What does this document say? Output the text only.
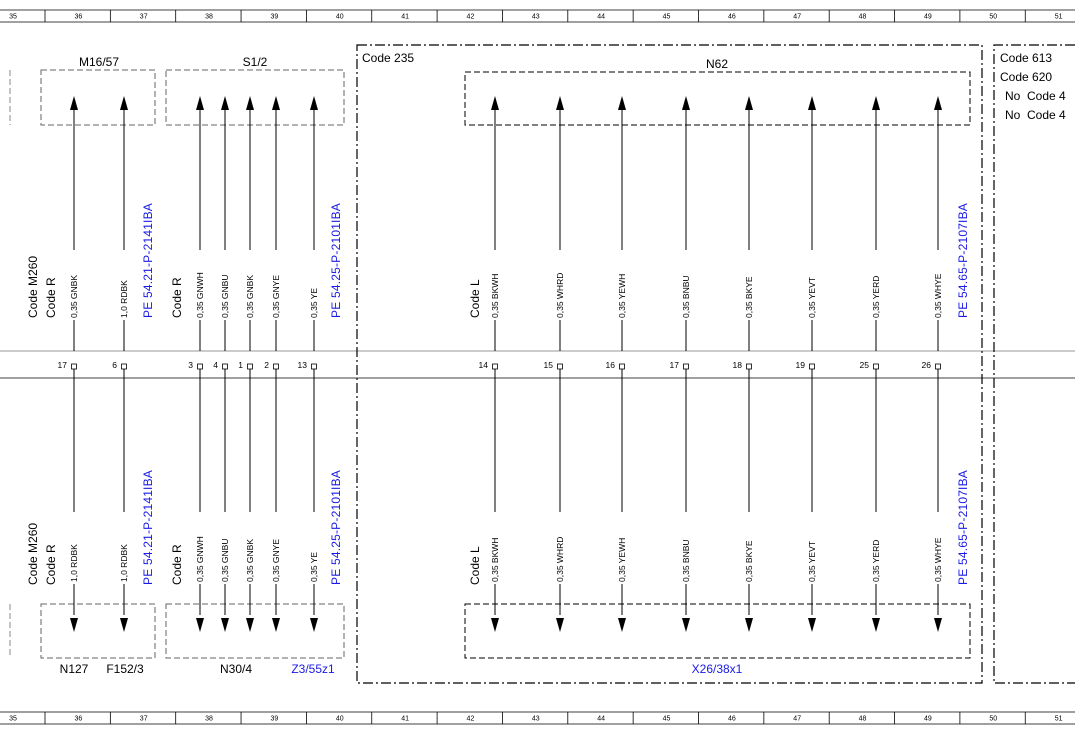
35	36	37	38	39	40	41	42	43	44	45	46	47	48	49	50	51
35	36	37	38	39	40	41	42	43	44	45	46	47	48	49	50	51
M16/57	S1/2	N62
N127 F152/3	N30/4	Z3/55z1	X26/38x1
Code 235	Code 613
Code 620
No  Code 4
No  Code 4
Code M260 Code R	Code R	Code L
Code M260 Code R	Code R	Code L
PE 54.21-P-2141IBA	PE 54.25-P-2101IBA	PE 54.65-P-2107IBA
PE 54.21-P-2141IBA	PE 54.25-P-2101IBA	PE 54.65-P-2107IBA
0,35 GNBK
17
1,0 RDBK
1,0 RDBK
6
1,0 RDBK
0,35 GNWH
3
0,35 GNWH
0,35 GNBU
4
0,35 GNBU
0,35 GNBK
1
0,35 GNBK
0,35 GNYE
2
0,35 GNYE
0,35 YE
13
0,35 YE
0,35 BKWH
14
0,35 BKWH
0,35 WHRD
15
0,35 WHRD
0,35 YEWH
16
0,35 YEWH
0,35 BNBU
17
0,35 BNBU
0,35 BKYE
18
0,35 BKYE
0,35 YEVT
19
0,35 YEVT
0,35 YERD
25
0,35 YERD
0,35 WHYE
26
0,35 WHYE
